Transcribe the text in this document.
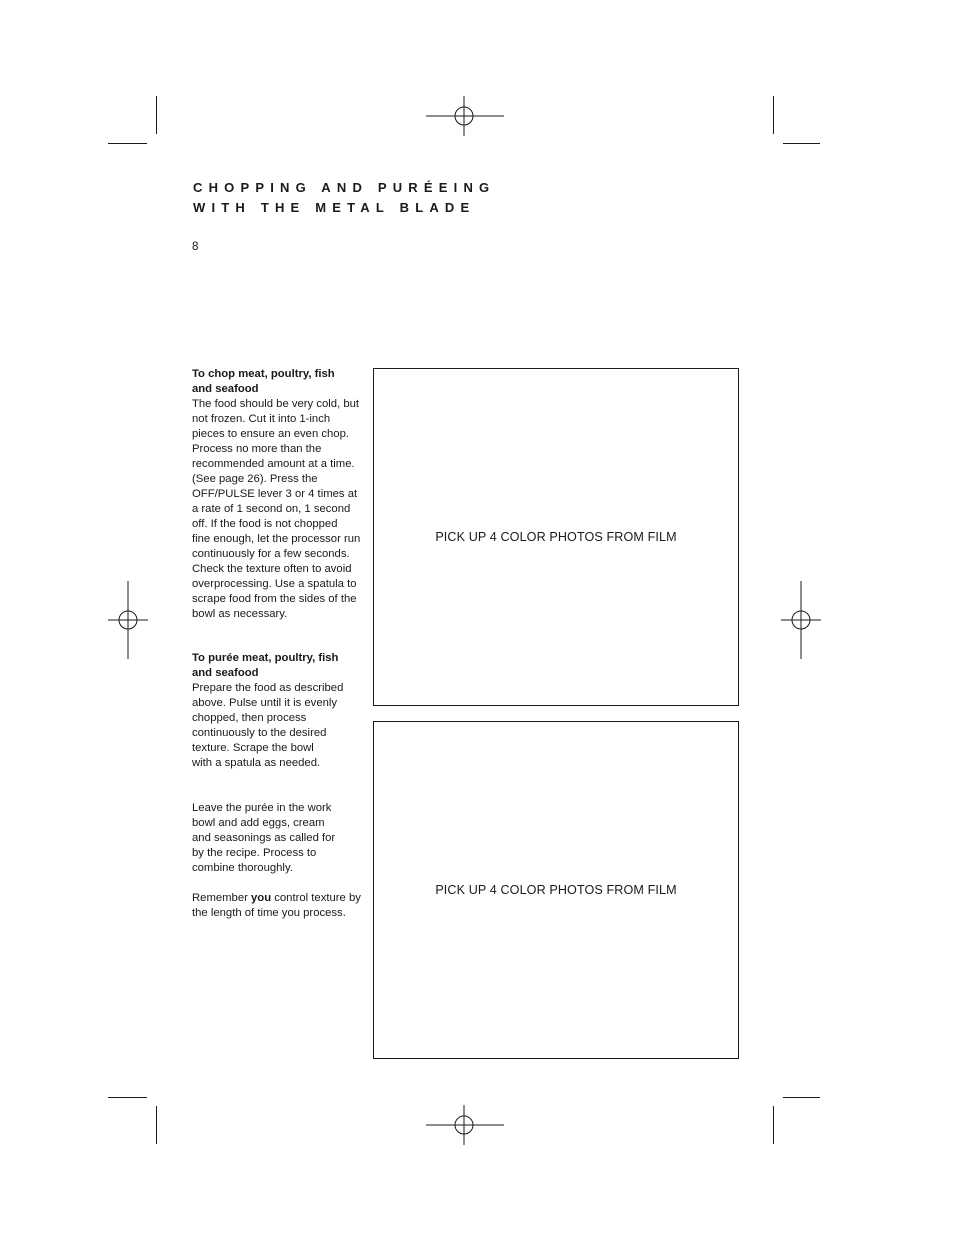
CHOPPING AND PURÉEING
WITH THE METAL BLADE
8

To chop meat, poultry, fish

and seafood

The food should be very cold, but

not frozen. Cut it into 1-inch

pieces to ensure an even chop.

Process no more than the

recommended amount at a time.

(See page 26). Press the

OFF/PULSE lever 3 or 4 times at

a rate of 1 second on, 1 second

off. If the food is not chopped

fine enough, let the processor run

continuously for a few seconds.

Check the texture often to avoid

overprocessing. Use a spatula to

scrape food from the sides of the

bowl as necessary.

To purée meat, poultry, fish

and seafood

Prepare the food as described

above. Pulse until it is evenly

chopped, then process

continuously to the desired

texture. Scrape the bowl

with a spatula as needed.

Leave the purée in the work

bowl and add eggs, cream

and seasonings as called for

by the recipe. Process to

combine thoroughly.

Remember you control texture by

the length of time you process.

PICK UP 4 COLOR PHOTOS FROM FILM
PICK UP 4 COLOR PHOTOS FROM FILM
